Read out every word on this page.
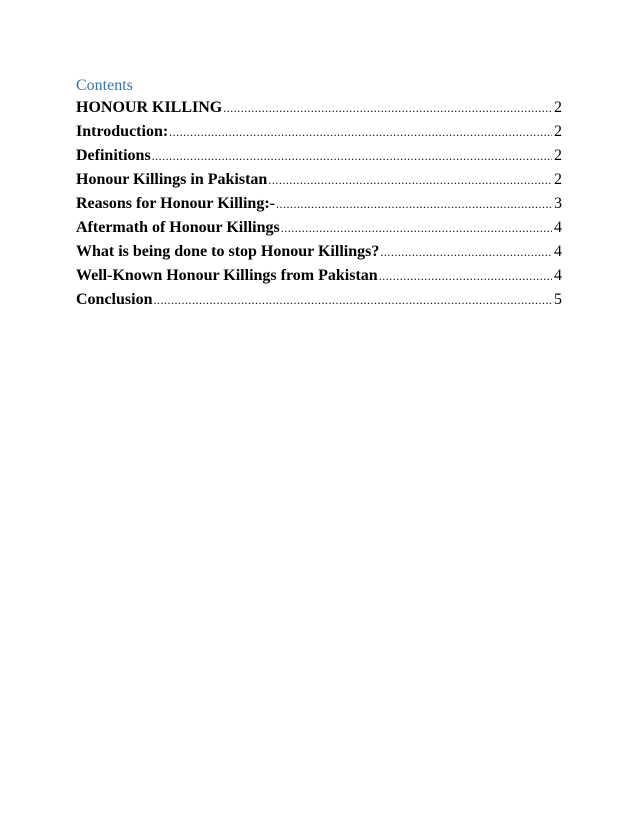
Contents
HONOUR KILLING .....	2
Introduction: .....	2
Definitions .....	2
Honour Killings in Pakistan .....	2
Reasons for Honour Killing:- .....	3
Aftermath of Honour Killings .....	4
What is being done to stop Honour Killings? .....	4
Well-Known Honour Killings from Pakistan .....	4
Conclusion .....	5
